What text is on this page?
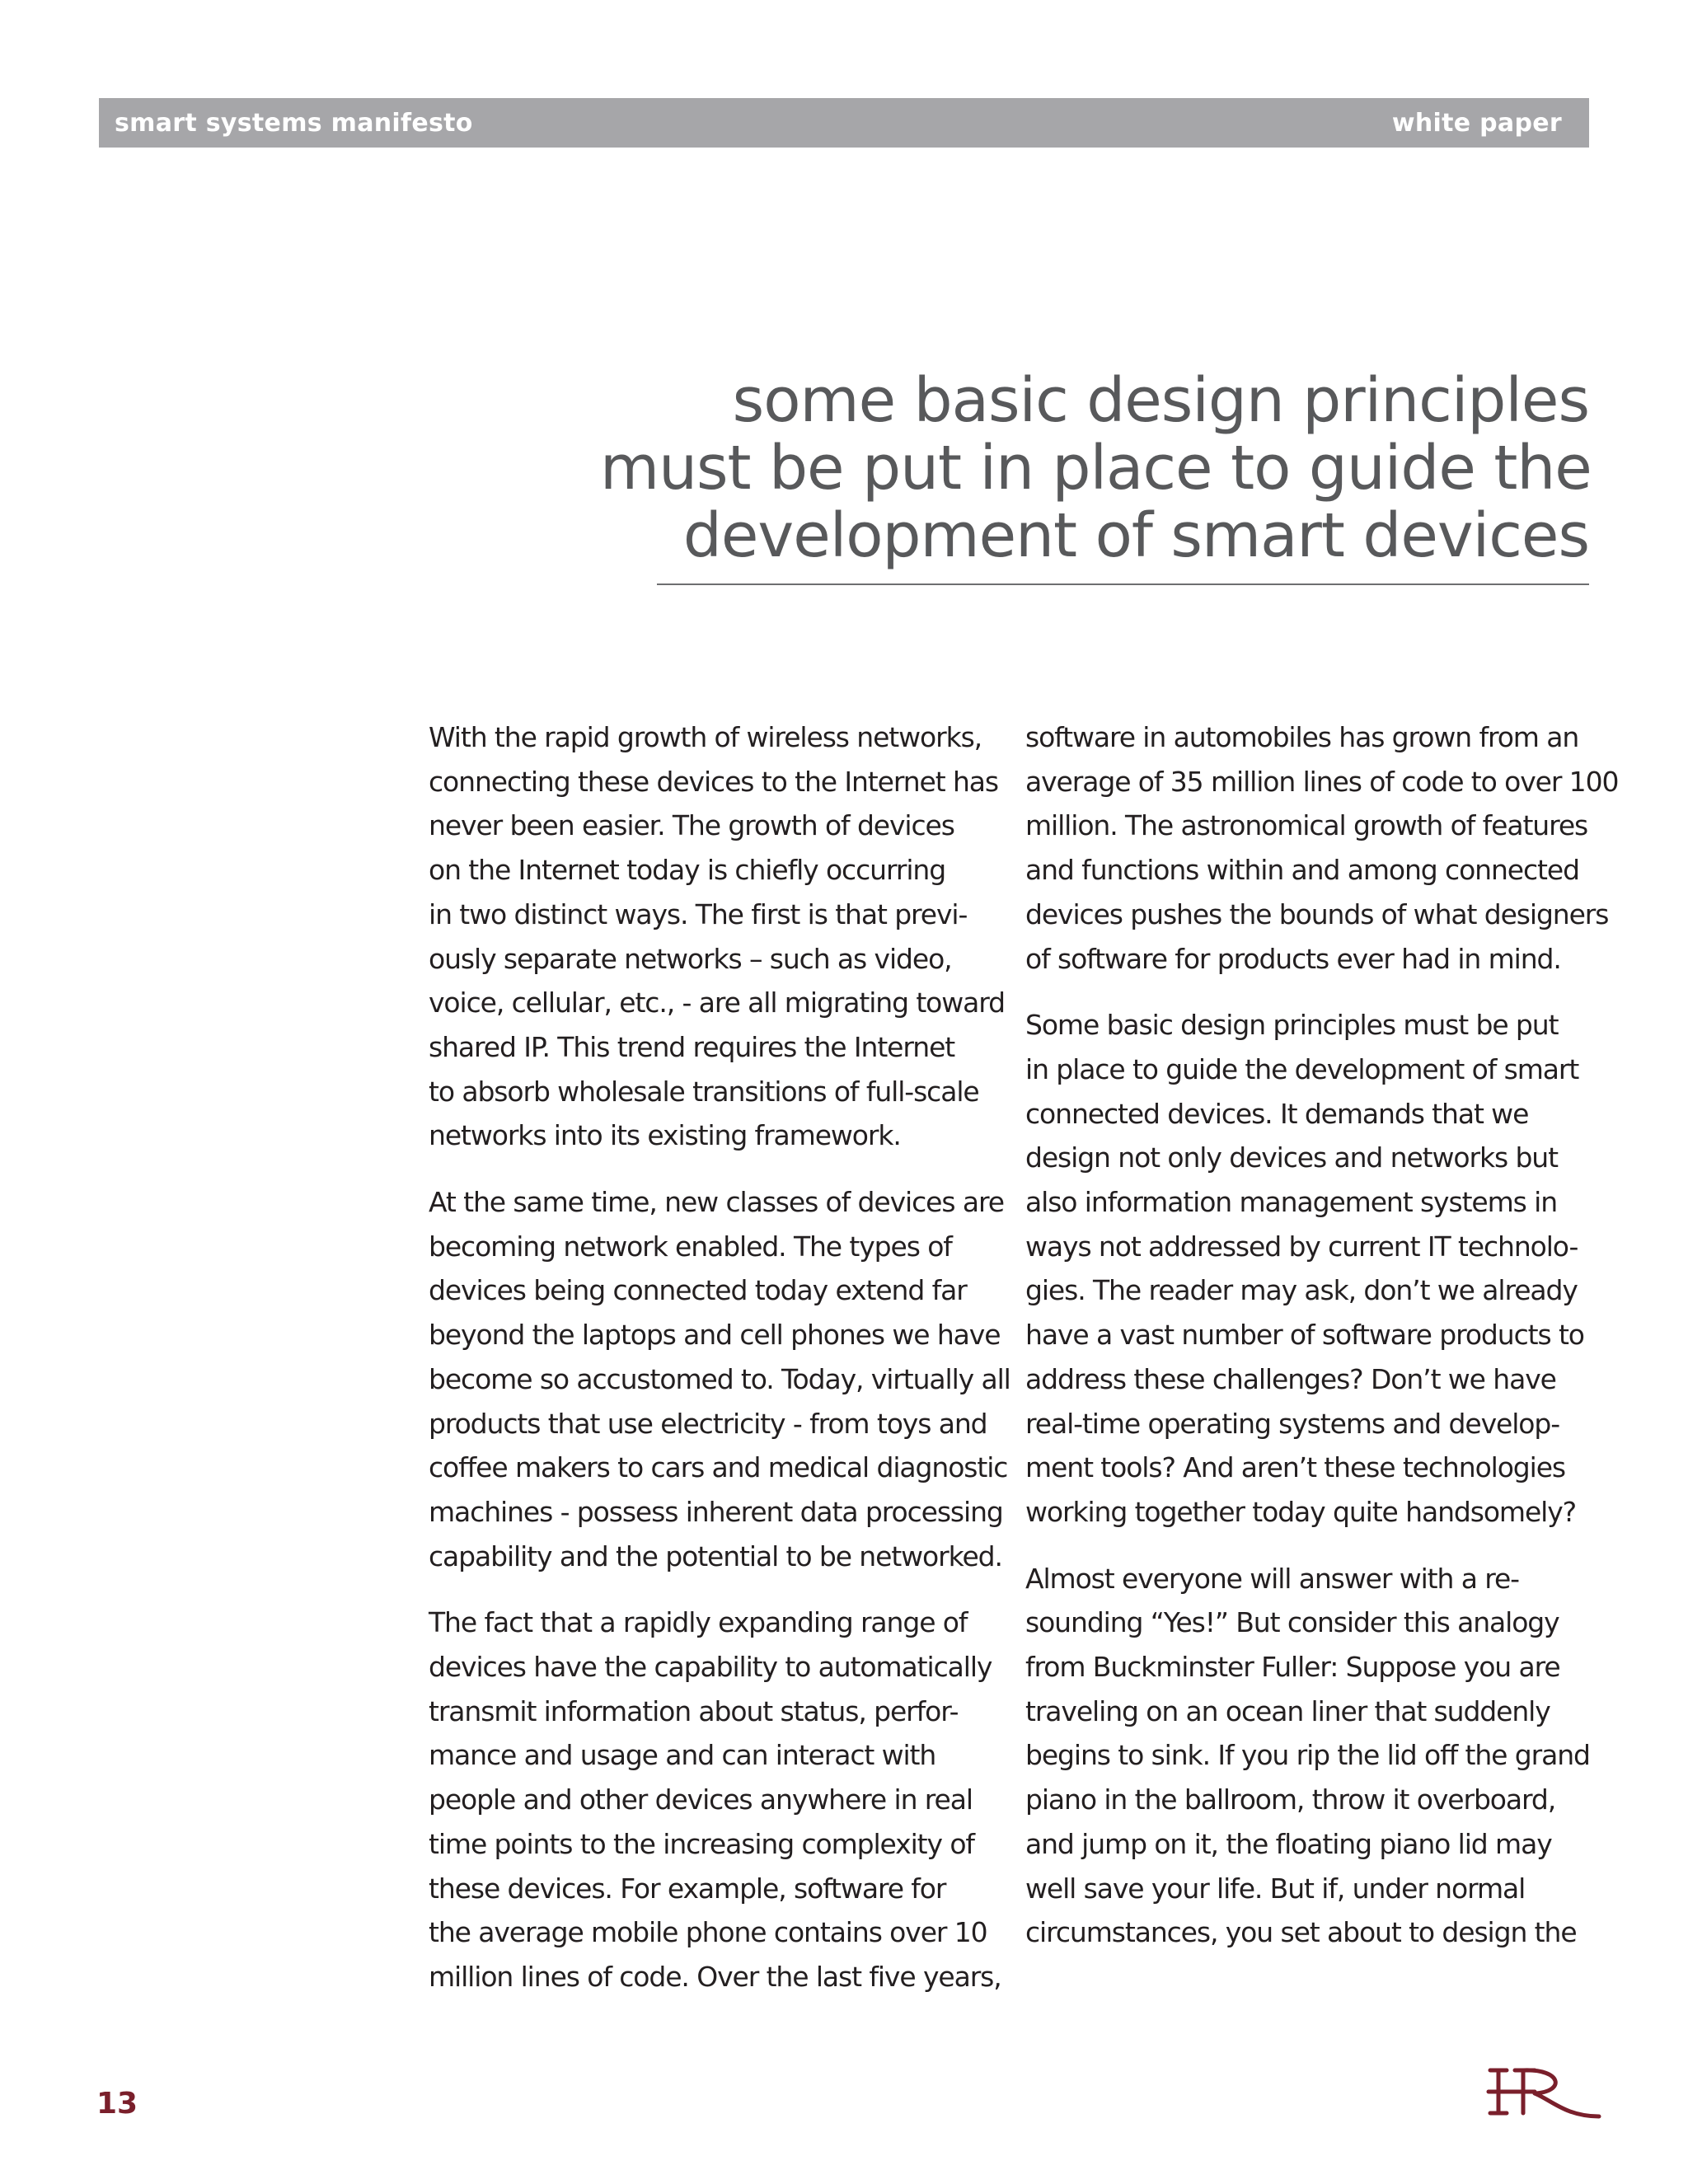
smart systems manifesto	white paper
some basic design principles
must be put in place to guide the
development of smart devices
With the rapid growth of wireless networks,
connecting these devices to the Internet has
never been easier. The growth of devices
on the Internet today is chiefly occurring
in two distinct ways. The first is that previ-
ously separate networks – such as video,
voice, cellular, etc., - are all migrating toward
shared IP. This trend requires the Internet
to absorb wholesale transitions of full-scale
networks into its existing framework.
At the same time, new classes of devices are
becoming network enabled. The types of
devices being connected today extend far
beyond the laptops and cell phones we have
become so accustomed to. Today, virtually all
products that use electricity - from toys and
coffee makers to cars and medical diagnostic
machines - possess inherent data processing
capability and the potential to be networked.
The fact that a rapidly expanding range of
devices have the capability to automatically
transmit information about status, perfor-
mance and usage and can interact with
people and other devices anywhere in real
time points to the increasing complexity of
these devices. For example, software for
the average mobile phone contains over 10
million lines of code. Over the last five years,
software in automobiles has grown from an
average of 35 million lines of code to over 100
million. The astronomical growth of features
and functions within and among connected
devices pushes the bounds of what designers
of software for products ever had in mind.
Some basic design principles must be put
in place to guide the development of smart
connected devices. It demands that we
design not only devices and networks but
also information management systems in
ways not addressed by current IT technolo-
gies. The reader may ask, don’t we already
have a vast number of software products to
address these challenges? Don’t we have
real-time operating systems and develop-
ment tools? And aren’t these technologies
working together today quite handsomely?
Almost everyone will answer with a re-
sounding “Yes!” But consider this analogy
from Buckminster Fuller: Suppose you are
traveling on an ocean liner that suddenly
begins to sink. If you rip the lid off the grand
piano in the ballroom, throw it overboard,
and jump on it, the floating piano lid may
well save your life. But if, under normal
circumstances, you set about to design the
13
